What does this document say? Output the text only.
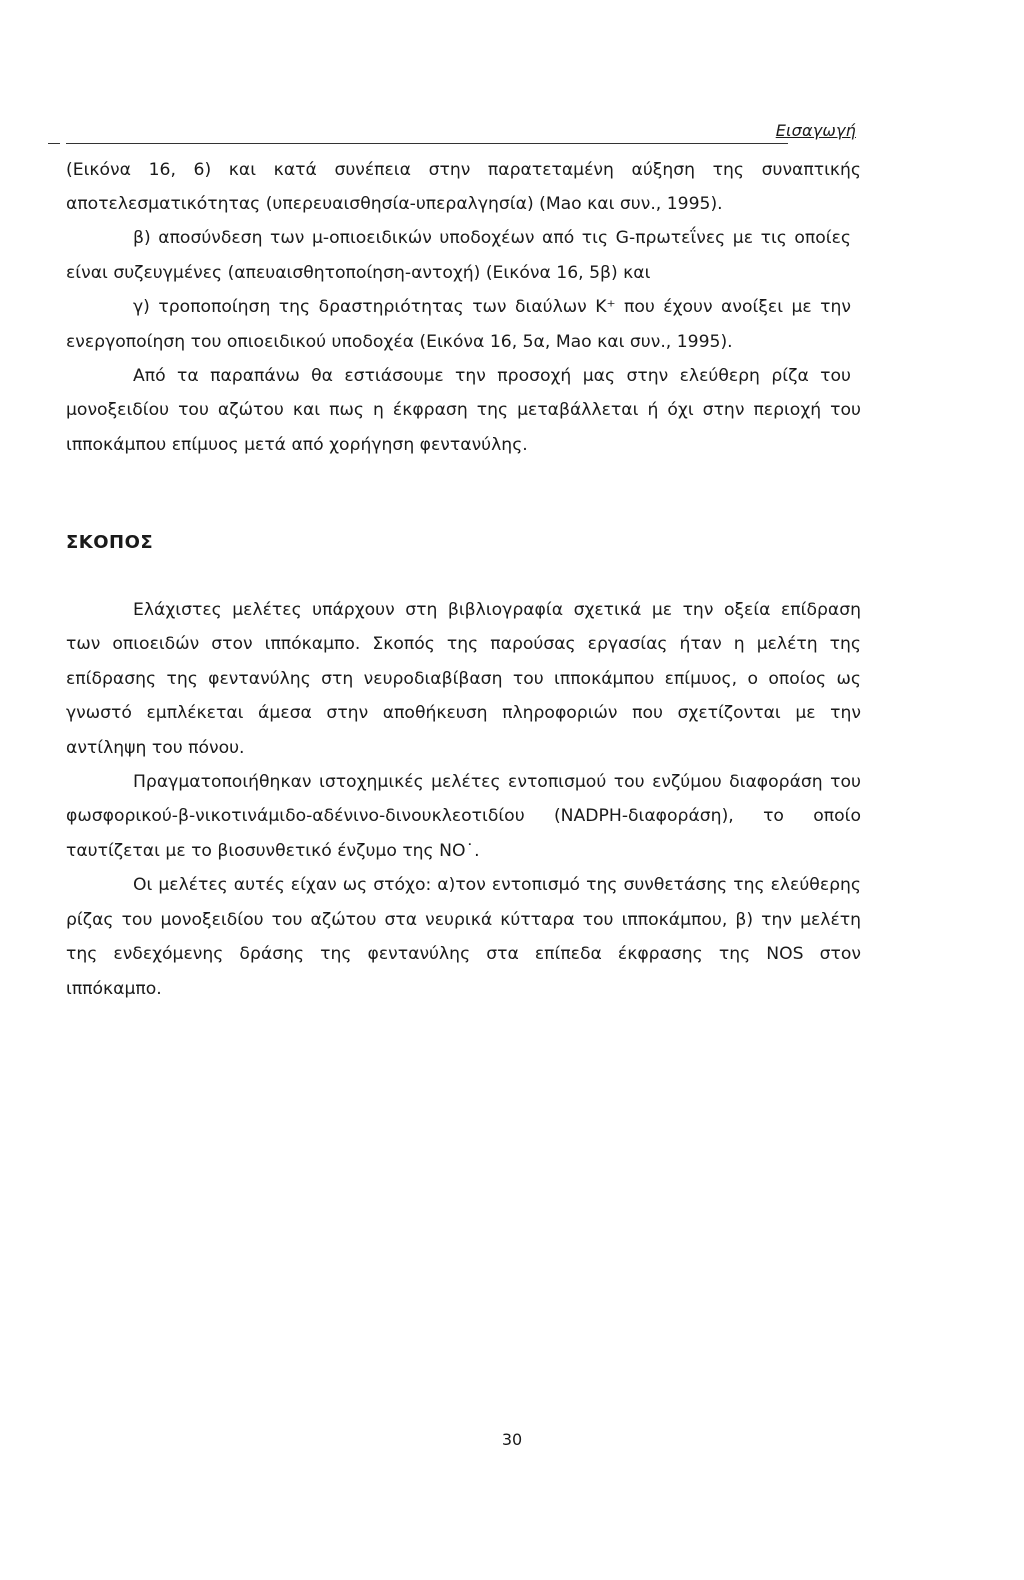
Εισαγωγή
(Εικόνα 16, 6) και κατά συνέπεια στην παρατεταμένη αύξηση της συναπτικής
αποτελεσματικότητας (υπερευαισθησία-υπεραλγησία) (Mao και συν., 1995).
β) αποσύνδεση των μ-οπιοειδικών υποδοχέων από τις G-πρωτεΐνες με τις οποίες
είναι συζευγμένες (απευαισθητοποίηση-αντοχή) (Εικόνα 16, 5β) και
γ) τροποποίηση της δραστηριότητας των διαύλων K⁺ που έχουν ανοίξει με την
ενεργοποίηση του οπιοειδικού υποδοχέα (Εικόνα 16, 5α, Mao και συν., 1995).
Από τα παραπάνω θα εστιάσουμε την προσοχή μας στην ελεύθερη ρίζα του
μονοξειδίου του αζώτου και πως η έκφραση της μεταβάλλεται ή όχι στην περιοχή του
ιπποκάμπου επίμυος μετά από χορήγηση φεντανύλης.
ΣΚΟΠΟΣ
Ελάχιστες μελέτες υπάρχουν στη βιβλιογραφία σχετικά με την οξεία επίδραση
των οπιοειδών στον ιππόκαμπο. Σκοπός της παρούσας εργασίας ήταν η μελέτη της
επίδρασης της φεντανύλης στη νευροδιαβίβαση του ιπποκάμπου επίμυος, ο οποίος ως
γνωστό εμπλέκεται άμεσα στην αποθήκευση πληροφοριών που σχετίζονται με την
αντίληψη του πόνου.
Πραγματοποιήθηκαν ιστοχημικές μελέτες εντοπισμού του ενζύμου διαφοράση του
φωσφορικού-β-νικοτινάμιδο-αδένινο-δινουκλεοτιδίου (NADPH-διαφοράση), το οποίο
ταυτίζεται με το βιοσυνθετικό ένζυμο της NO˙.
Οι μελέτες αυτές είχαν ως στόχο: α)τον εντοπισμό της συνθετάσης της ελεύθερης
ρίζας του μονοξειδίου του αζώτου στα νευρικά κύτταρα του ιπποκάμπου, β) την μελέτη
της ενδεχόμενης δράσης της φεντανύλης στα επίπεδα έκφρασης της NOS στον
ιππόκαμπο.
30
